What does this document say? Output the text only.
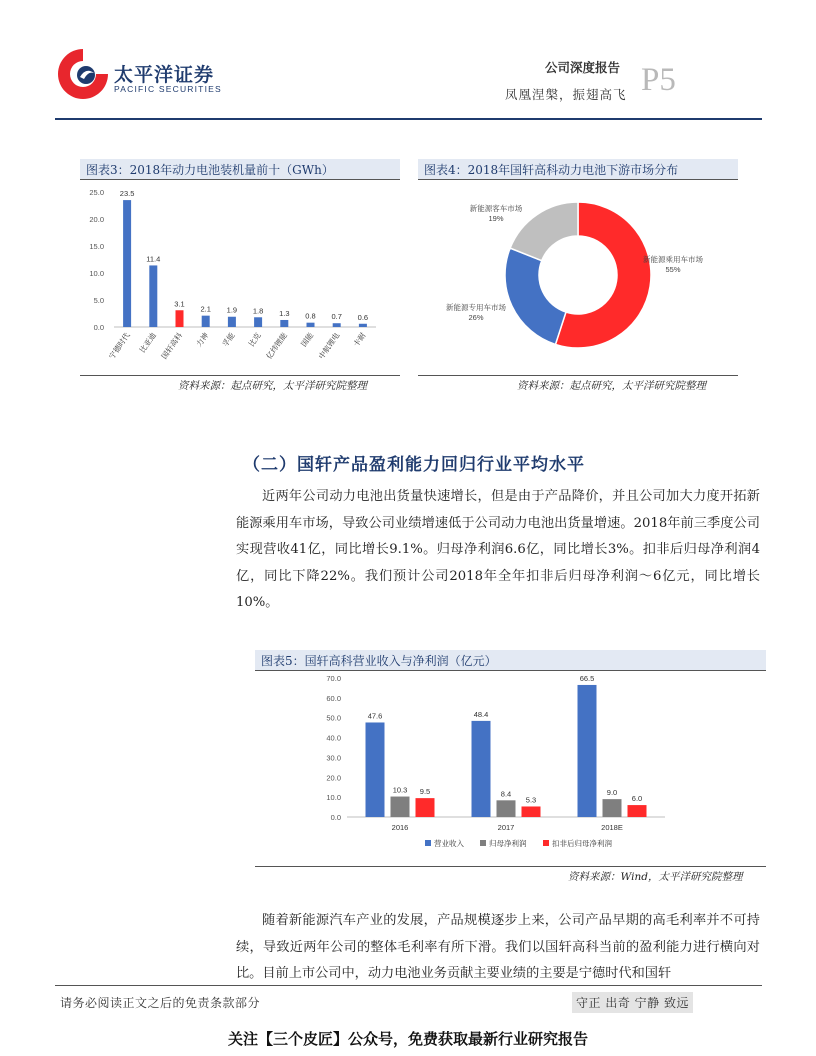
太平洋证券
PACIFIC SECURITIES
公司深度报告
凤凰涅槃，振翅高飞 P5
图表3：2018年动力电池装机量前十（GWh）
0.0
5.0
10.0
15.0
20.0
25.0 23.5
宁德时代
11.4
比亚迪
3.1
国轩高科
2.1
力神
1.9
孚能
1.8
比克
1.3
亿纬锂能
0.8
国能
0.7
中航锂电
0.6
卡耐
资料来源：起点研究，太平洋研究院整理
图表4：2018年国轩高科动力电池下游市场分布
新能源乘用车市场
55%
新能源专用车市场
26%
新能源客车市场
19%
资料来源：起点研究，太平洋研究院整理
（二）国轩产品盈利能力回归行业平均水平
近两年公司动力电池出货量快速增长，但是由于产品降价，并且公司加大力度开拓新能源乘用车市场，导致公司业绩增速低于公司动力电池出货量增速。2018年前三季度公司实现营收41亿，同比增长9.1%。归母净利润6.6亿，同比增长3%。扣非后归母净利润4亿，同比下降22%。我们预计公司2018年全年扣非后归母净利润～6亿元，同比增长10%。
图表5：国轩高科营业收入与净利润（亿元）
0.0
10.0
20.0
30.0
40.0
50.0
60.0
70.0
47.6
10.3 9.5
2016
48.4
8.4
5.3
2017
66.5
9.0
6.0
2018E
营业收入	归母净利润	扣非后归母净利润
资料来源：Wind，太平洋研究院整理
随着新能源汽车产业的发展，产品规模逐步上来，公司产品早期的高毛利率并不可持续，导致近两年公司的整体毛利率有所下滑。我们以国轩高科当前的盈利能力进行横向对比。目前上市公司中，动力电池业务贡献主要业绩的主要是宁德时代和国轩
请务必阅读正文之后的免责条款部分	守正 出奇 宁静 致远
关注【三个皮匠】公众号，免费获取最新行业研究报告
